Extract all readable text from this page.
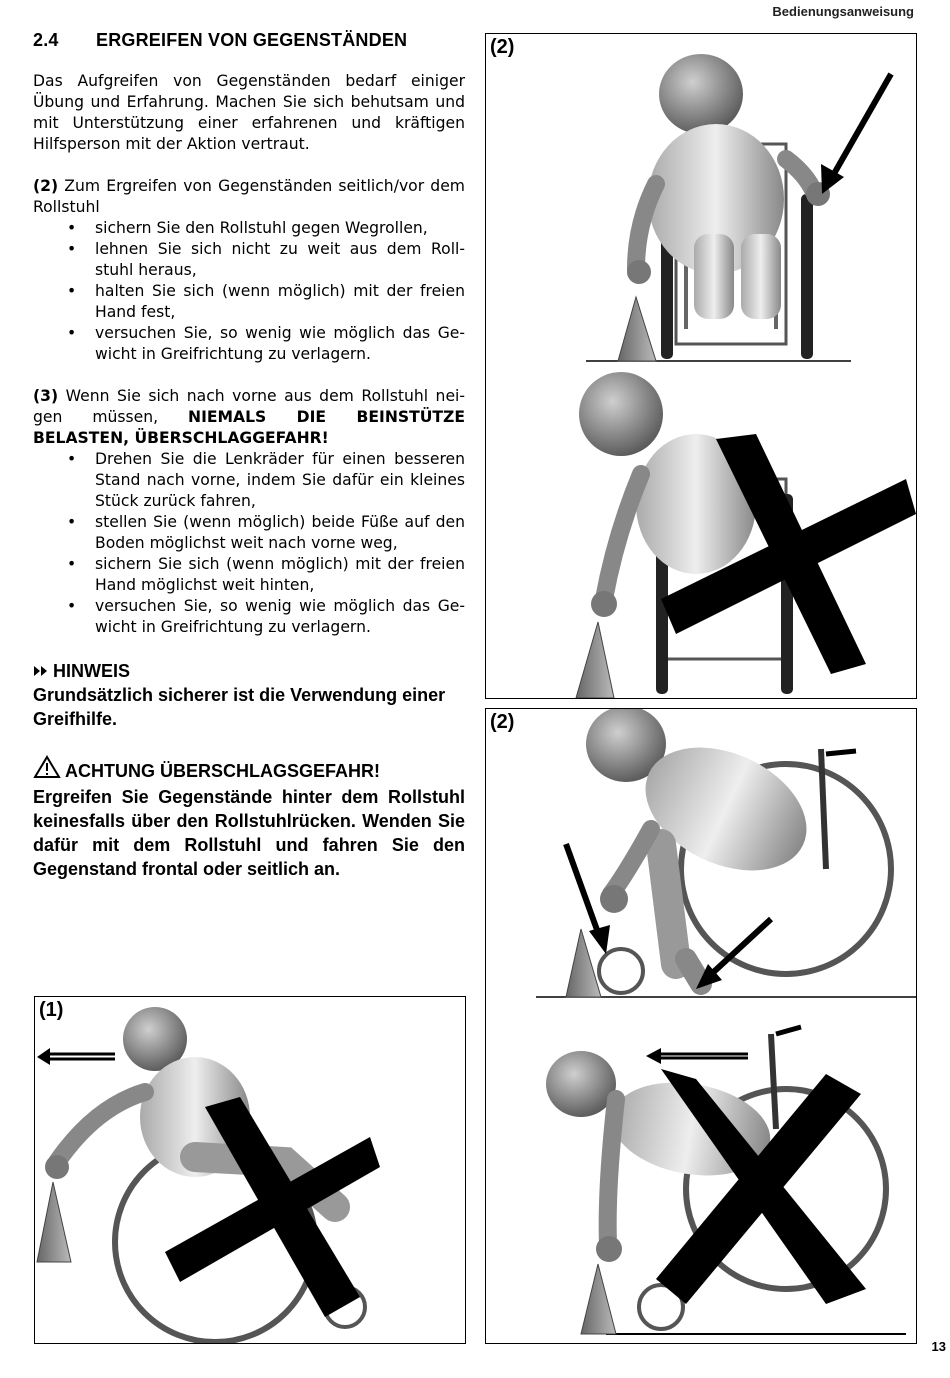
Bedienungsanweisung
2.4	ERGREIFEN VON GEGENSTÄNDEN

Das Aufgreifen von Gegenständen bedarf einiger Übung und Erfahrung. Machen Sie sich behutsam und mit Unterstützung einer erfahrenen und kräftigen Hilfsperson mit der Aktion vertraut.

(2) Zum Ergreifen von Gegenständen seitlich/vor dem Rollstuhl

• sichern Sie den Rollstuhl gegen Wegrollen,
• lehnen Sie sich nicht zu weit aus dem Roll-stuhl heraus,
• halten Sie sich (wenn möglich) mit der freien Hand fest,
• versuchen Sie, so wenig wie möglich das Ge-wicht in Greifrichtung zu verlagern.

(3) Wenn Sie sich nach vorne aus dem Rollstuhl nei-gen müssen, NIEMALS DIE BEINSTÜTZE BELASTEN, ÜBERSCHLAGGEFAHR!

• Drehen Sie die Lenkräder für einen besseren Stand nach vorne, indem Sie dafür ein kleines Stück zurück fahren,
• stellen Sie (wenn möglich) beide Füße auf den Boden möglichst weit nach vorne weg,
• sichern Sie sich (wenn möglich) mit der freien Hand möglichst weit hinten,
• versuchen Sie, so wenig wie möglich das Ge-wicht in Greifrichtung zu verlagern.
HINWEIS
Grundsätzlich sicherer ist die Verwendung einer Greifhilfe.
ACHTUNG ÜBERSCHLAGSGEFAHR!
Ergreifen Sie Gegenstände hinter dem Rollstuhl keinesfalls über den Rollstuhlrücken. Wenden Sie dafür mit dem Rollstuhl und fahren Sie den Gegenstand frontal oder seitlich an.
(2)
(2)
(1)
13
